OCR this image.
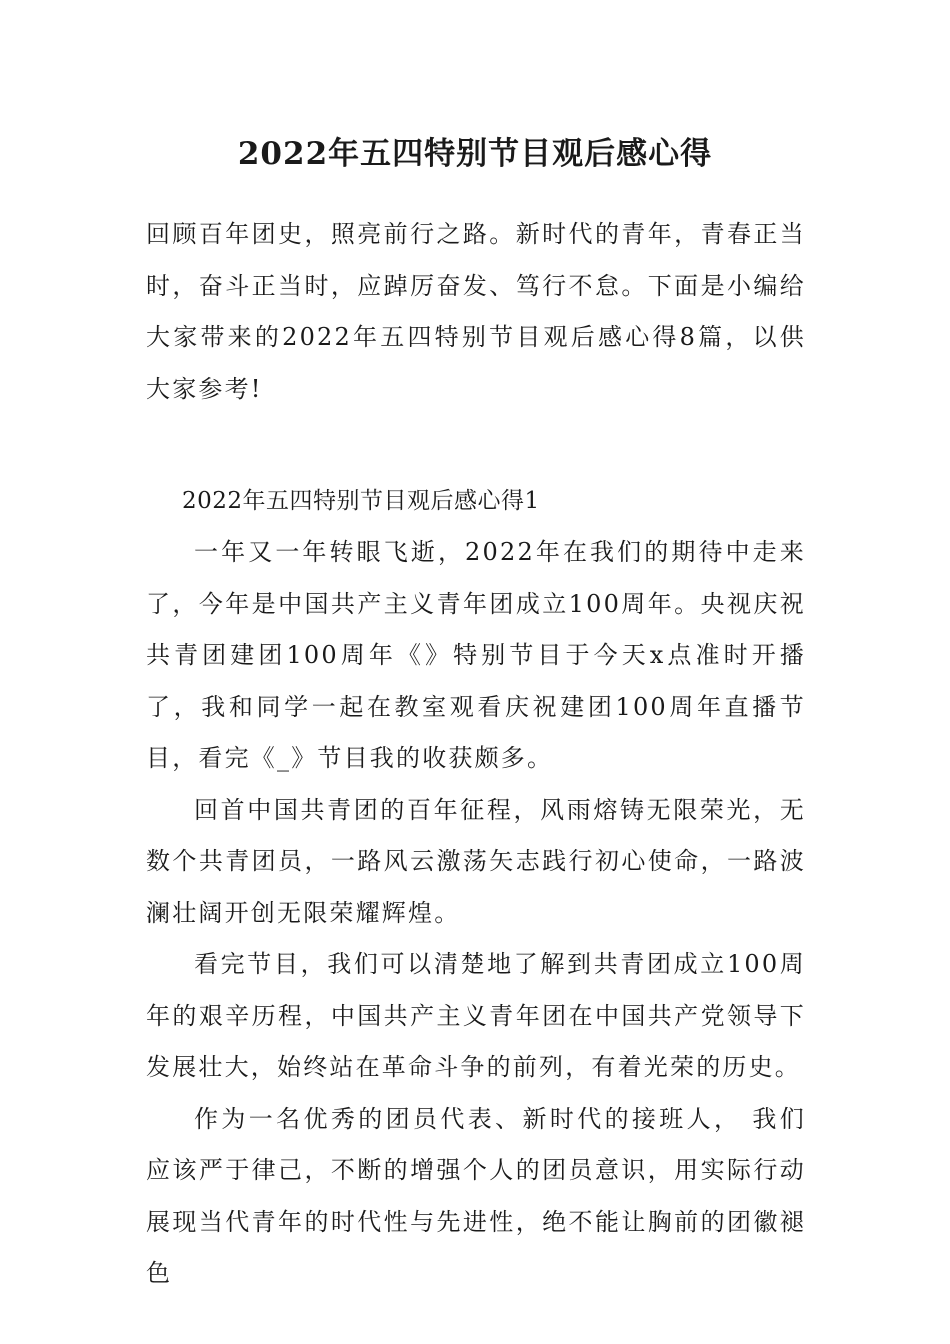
2022年五四特别节目观后感心得

回顾百年团史，照亮前行之路。新时代的青年，青春正当时，奋斗正当时，应踔厉奋发、笃行不怠。下面是小编给大家带来的2022年五四特别节目观后感心得8篇，以供大家参考!

2022年五四特别节目观后感心得1

一年又一年转眼飞逝，2022年在我们的期待中走来了，今年是中国共产主义青年团成立100周年。央视庆祝共青团建团100周年《》特别节目于今天x点准时开播了，我和同学一起在教室观看庆祝建团100周年直播节目，看完《_》节目我的收获颇多。

回首中国共青团的百年征程，风雨熔铸无限荣光，无数个共青团员，一路风云激荡矢志践行初心使命，一路波澜壮阔开创无限荣耀辉煌。

看完节目，我们可以清楚地了解到共青团成立100周年的艰辛历程，中国共产主义青年团在中国共产党领导下发展壮大，始终站在革命斗争的前列，有着光荣的历史。

作为一名优秀的团员代表、新时代的接班人， 我们应该严于律己，不断的增强个人的团员意识，用实际行动展现当代青年的时代性与先进性，绝不能让胸前的团徽褪色
